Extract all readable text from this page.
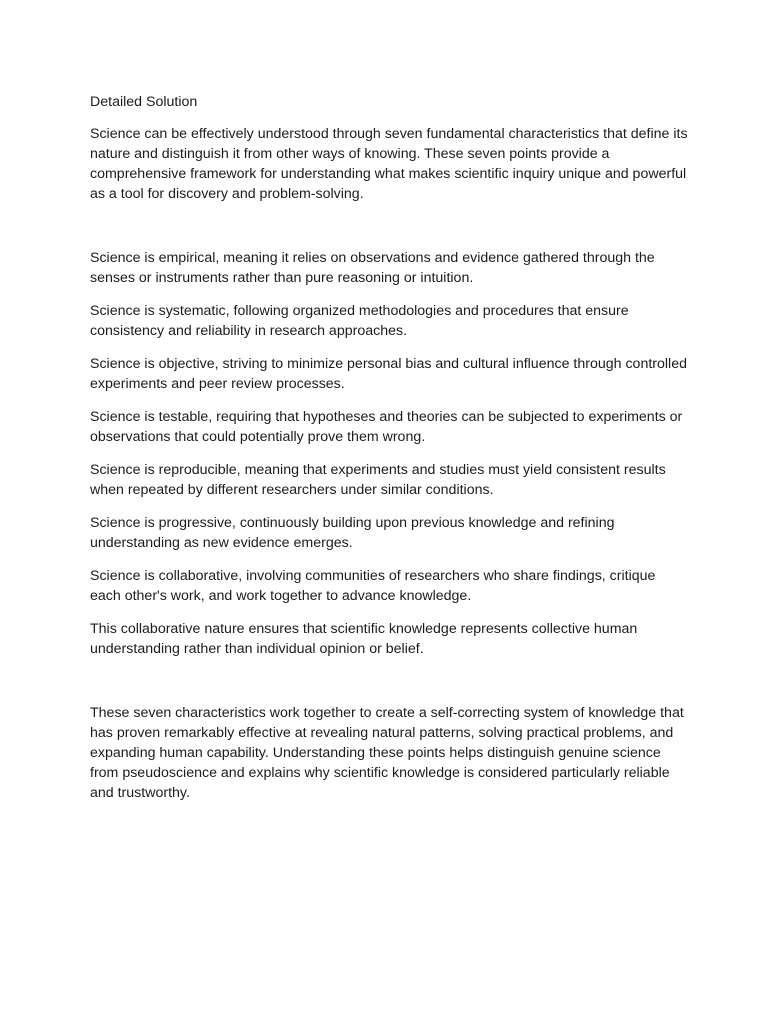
Detailed Solution

Science can be effectively understood through seven fundamental characteristics that define its nature and distinguish it from other ways of knowing. These seven points provide a comprehensive framework for understanding what makes scientific inquiry unique and powerful as a tool for discovery and problem-solving.

Science is empirical, meaning it relies on observations and evidence gathered through the senses or instruments rather than pure reasoning or intuition.

Science is systematic, following organized methodologies and procedures that ensure consistency and reliability in research approaches.

Science is objective, striving to minimize personal bias and cultural influence through controlled experiments and peer review processes.

Science is testable, requiring that hypotheses and theories can be subjected to experiments or observations that could potentially prove them wrong.

Science is reproducible, meaning that experiments and studies must yield consistent results when repeated by different researchers under similar conditions.

Science is progressive, continuously building upon previous knowledge and refining understanding as new evidence emerges.

Science is collaborative, involving communities of researchers who share findings, critique each other's work, and work together to advance knowledge.

This collaborative nature ensures that scientific knowledge represents collective human understanding rather than individual opinion or belief.

These seven characteristics work together to create a self-correcting system of knowledge that has proven remarkably effective at revealing natural patterns, solving practical problems, and expanding human capability. Understanding these points helps distinguish genuine science from pseudoscience and explains why scientific knowledge is considered particularly reliable and trustworthy.
